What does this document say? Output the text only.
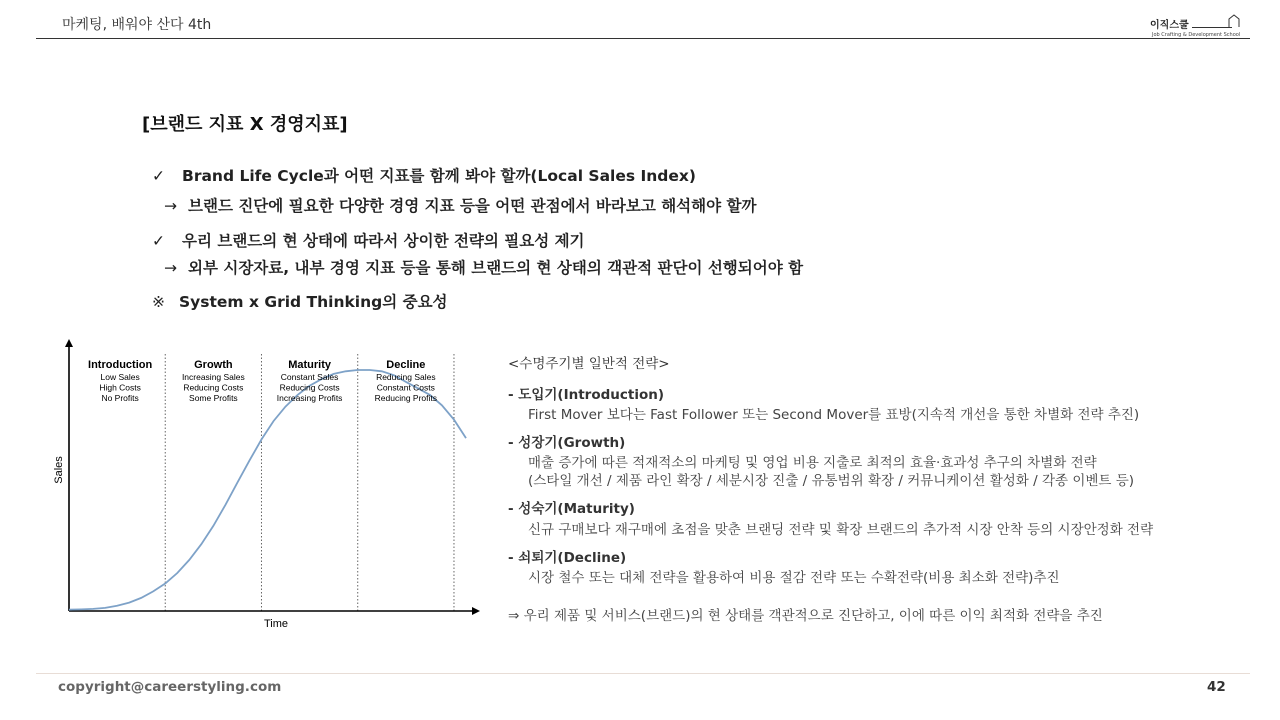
마케팅, 배워야 산다 4th	이직스쿨
Job Crafting & Development School
[브랜드 지표 X 경영지표]
✓ Brand Life Cycle과 어떤 지표를 함께 봐야 할까(Local Sales Index)
→ 브랜드 진단에 필요한 다양한 경영 지표 등을 어떤 관점에서 바라보고 해석해야 할까
✓ 우리 브랜드의 현 상태에 따라서 상이한 전략의 필요성 제기
→ 외부 시장자료, 내부 경영 지표 등을 통해 브랜드의 현 상태의 객관적 판단이 선행되어야 함
※ System x Grid Thinking의 중요성
Time
Sales
Introduction
Low Sales
High Costs
No Profits
Growth
Increasing Sales
Reducing Costs
Some Profits
Maturity
Constant Sales
Reducing Costs
Increasing Profits
Decline
Reducing Sales
Constant Costs
Reducing Profits
<수명주기별 일반적 전략>
- 도입기(Introduction)
First Mover 보다는 Fast Follower 또는 Second Mover를 표방(지속적 개선을 통한 차별화 전략 추진)
- 성장기(Growth)
매출 증가에 따른 적재적소의 마케팅 및 영업 비용 지출로 최적의 효율·효과성 추구의 차별화 전략
(스타일 개선 / 제품 라인 확장 / 세분시장 진출 / 유통범위 확장 / 커뮤니케이션 활성화 / 각종 이벤트 등)
- 성숙기(Maturity)
신규 구매보다 재구매에 초점을 맞춘 브랜딩 전략 및 확장 브랜드의 추가적 시장 안착 등의 시장안정화 전략
- 쇠퇴기(Decline)
시장 철수 또는 대체 전략을 활용하여 비용 절감 전략 또는 수확전략(비용 최소화 전략)추진
⇒ 우리 제품 및 서비스(브랜드)의 현 상태를 객관적으로 진단하고, 이에 따른 이익 최적화 전략을 추진
copyright@careerstyling.com	42
